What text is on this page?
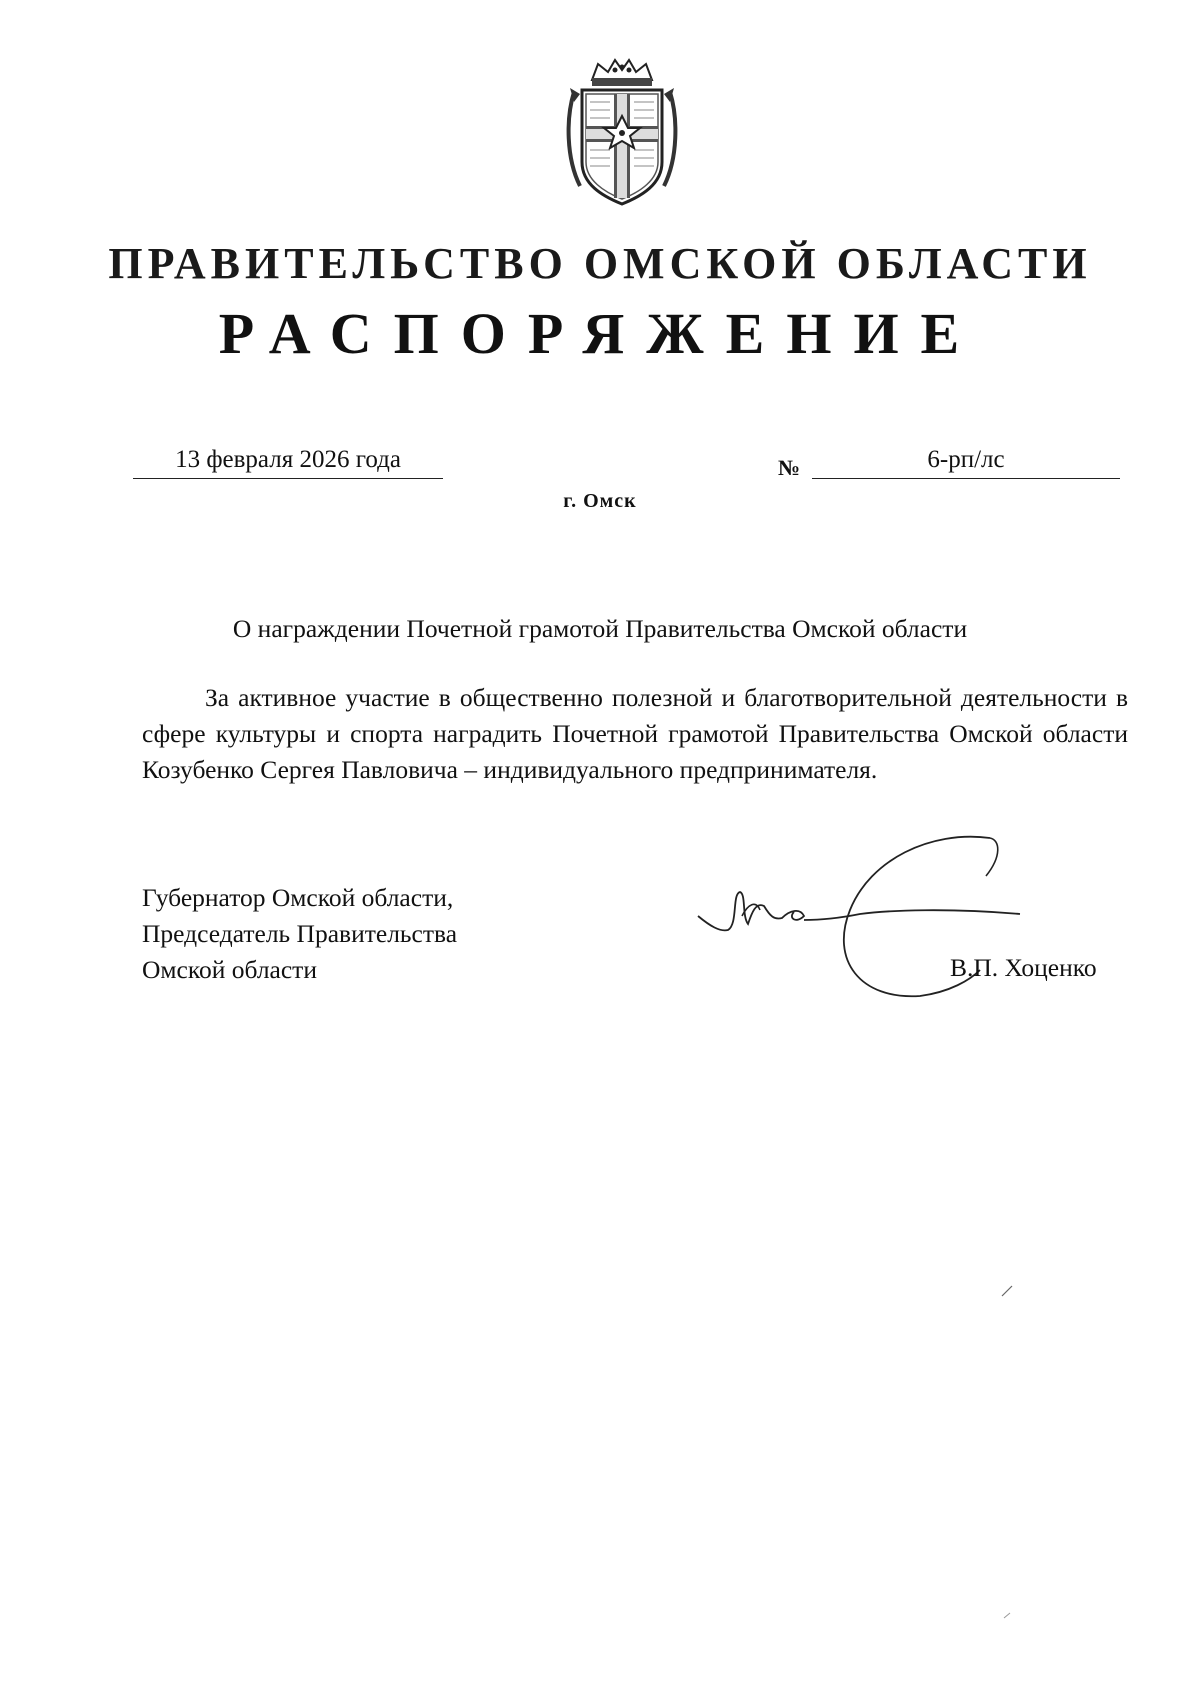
ПРАВИТЕЛЬСТВО ОМСКОЙ ОБЛАСТИ
РАСПОРЯЖЕНИЕ
13 февраля 2026 года	№	6-рп/лс
г. Омск
О награждении Почетной грамотой Правительства Омской области
За активное участие в общественно полезной и благотворительной деятельности в сфере культуры и спорта наградить Почетной грамотой Правительства Омской области Козубенко Сергея Павловича – индивидуального предпринимателя.
Губернатор Омской области,
Председатель Правительства
Омской области	В.П. Хоценко
